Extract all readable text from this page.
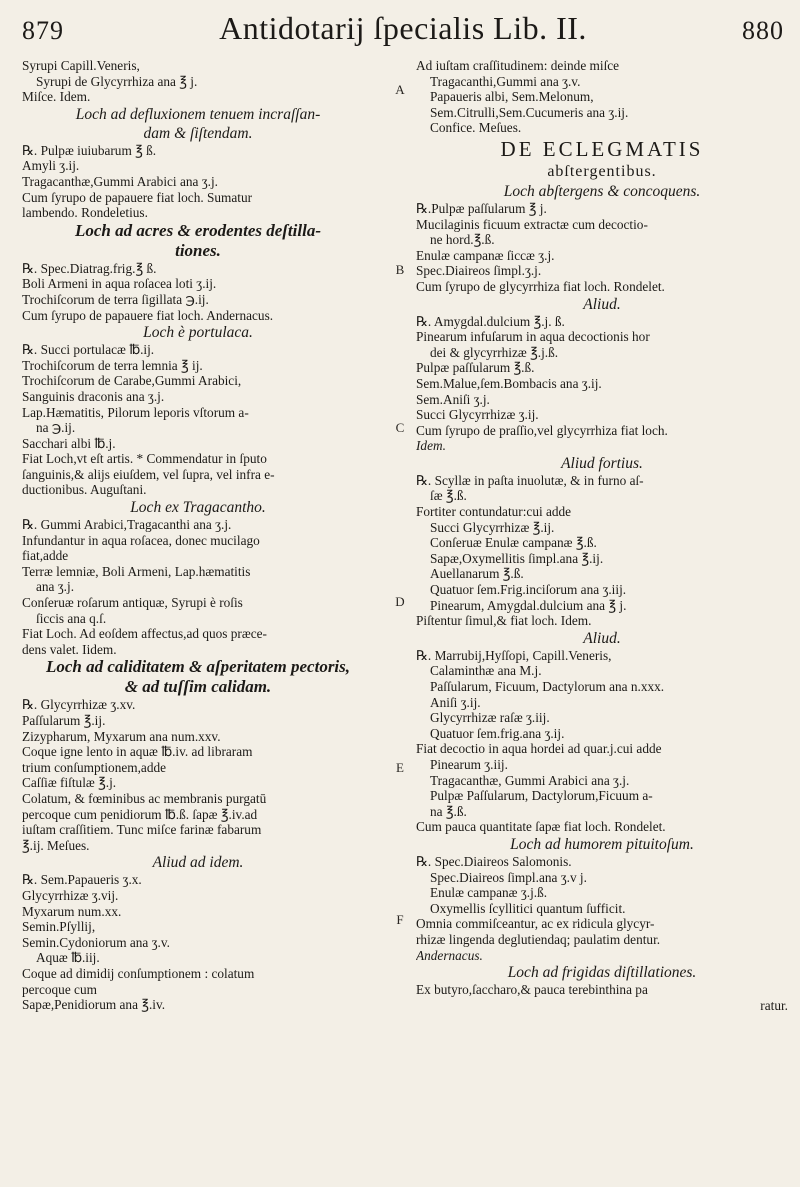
879	Antidotarij ſpecialis Lib. II.	880
A
B
C
D
E
F
Syrupi Capill.Veneris,
Syrupi de Glycyrrhiza ana ℥ j.
Miſce. Idem.
Loch ad defluxionem tenuem incraſſan-
dam & ſiſtendam.
℞. Pulpæ iuiubarum ℥ ß.
Amyli ʒ.ij.
Tragacanthæ,Gummi Arabici ana ʒ.j.
Cum ſyrupo de papauere fiat loch. Sumatur
lambendo. Rondeletius.
Loch ad acres & erodentes deſtilla-
tiones.
℞. Spec.Diatrag.frig.℥ ß.
Boli Armeni in aqua roſacea loti ʒ.ij.
Trochiſcorum de terra ſigillata ℈.ij.
Cum ſyrupo de papauere fiat loch. Andernacus.
Loch è portulaca.
℞. Succi portulacæ ℔.ij.
Trochiſcorum de terra lemnia ℥ ij.
Trochiſcorum de Carabe,Gummi Arabici,
Sanguinis draconis ana ʒ.j.
Lap.Hæmatitis, Pilorum leporis vſtorum a-
na ℈.ij.
Sacchari albi ℔.j.
Fiat Loch,vt eſt artis. * Commendatur in ſputo
ſanguinis,& alijs eiuſdem, vel ſupra, vel infra e-
ductionibus. Auguſtani.
Loch ex Tragacantho.
℞. Gummi Arabici,Tragacanthi ana ʒ.j.
Infundantur in aqua roſacea, donec mucilago
fiat,adde
Terræ lemniæ, Boli Armeni, Lap.hæmatitis
ana ʒ.j.
Conſeruæ roſarum antiquæ, Syrupi è roſis
ſiccis ana q.ſ.
Fiat Loch. Ad eoſdem affectus,ad quos præce-
dens valet. Iidem.
Loch ad caliditatem & aſperitatem pectoris,
& ad tuſſim calidam.
℞. Glycyrrhizæ ʒ.xv.
Paſſularum ℥.ij.
Zizypharum, Myxarum ana num.xxv.
Coque igne lento in aquæ ℔.iv. ad libraram
trium conſumptionem,adde
Caſſiæ fiſtulæ ℥.j.
Colatum, & fœminibus ac membranis purgatū
percoque cum penidiorum ℔.ß. ſapæ ℥.iv.ad
iuſtam craſſitiem. Tunc miſce farinæ fabarum
℥.ij. Meſues.
Aliud ad idem.
℞. Sem.Papaueris ʒ.x.
Glycyrrhizæ ʒ.vij.
Myxarum num.xx.
Semin.Pſyllij,
Semin.Cydoniorum ana ʒ.v.
Aquæ ℔.iij.
Coque ad dimidij conſumptionem : colatum
percoque cum
Sapæ,Penidiorum ana ℥.iv.
Ad iuſtam craſſitudinem: deinde miſce
Tragacanthi,Gummi ana ʒ.v.
Papaueris albi, Sem.Melonum,
Sem.Citrulli,Sem.Cucumeris ana ʒ.ij.
Confice. Meſues.
DE ECLEGMATIS
abſtergentibus.
Loch abſtergens & concoquens.
℞.Pulpæ paſſularum ℥ j.
Mucilaginis ficuum extractæ cum decoctio-
ne hord.℥.ß.
Enulæ campanæ ſiccæ ʒ.j.
Spec.Diaireos ſimpl.ʒ.j.
Cum ſyrupo de glycyrrhiza fiat loch. Rondelet.
Aliud.
℞. Amygdal.dulcium ℥.j. ß.
Pinearum infuſarum in aqua decoctionis hor
dei & glycyrrhizæ ℥.j.ß.
Pulpæ paſſularum ℥.ß.
Sem.Malue,ſem.Bombacis ana ʒ.ij.
Sem.Aniſi ʒ.j.
Succi Glycyrrhizæ ʒ.ij.
Cum ſyrupo de praſſio,vel glycyrrhiza fiat loch.
Idem.
Aliud fortius.
℞. Scyllæ in paſta inuolutæ, & in furno aſ-
ſæ ℥.ß.
Fortiter contundatur:cui adde
Succi Glycyrrhizæ ℥.ij.
Conſeruæ Enulæ campanæ ℥.ß.
Sapæ,Oxymellitis ſimpl.ana ℥.ij.
Auellanarum ℥.ß.
Quatuor ſem.Frig.inciſorum ana ʒ.iij.
Pinearum, Amygdal.dulcium ana ℥ j.
Piſtentur ſimul,& fiat loch. Idem.
Aliud.
℞. Marrubij,Hyſſopi, Capill.Veneris,
Calaminthæ ana M.j.
Paſſularum, Ficuum, Dactylorum ana n.xxx.
Aniſi ʒ.ij.
Glycyrrhizæ raſæ ʒ.iij.
Quatuor ſem.frig.ana ʒ.ij.
Fiat decoctio in aqua hordei ad quar.j.cui adde
Pinearum ʒ.iij.
Tragacanthæ, Gummi Arabici ana ʒ.j.
Pulpæ Paſſularum, Dactylorum,Ficuum a-
na ℥.ß.
Cum pauca quantitate ſapæ fiat loch. Rondelet.
Loch ad humorem pituitoſum.
℞. Spec.Diaireos Salomonis.
Spec.Diaireos ſimpl.ana ʒ.v j.
Enulæ campanæ ʒ.j.ß.
Oxymellis ſcyllitici quantum ſufficit.
Omnia commiſceantur, ac ex ridicula glycyr-
rhizæ lingenda deglutiendaq; paulatim dentur.
Andernacus.
Loch ad frigidas diſtillationes.
Ex butyro,ſaccharo,& pauca terebinthina pa
ratur.
